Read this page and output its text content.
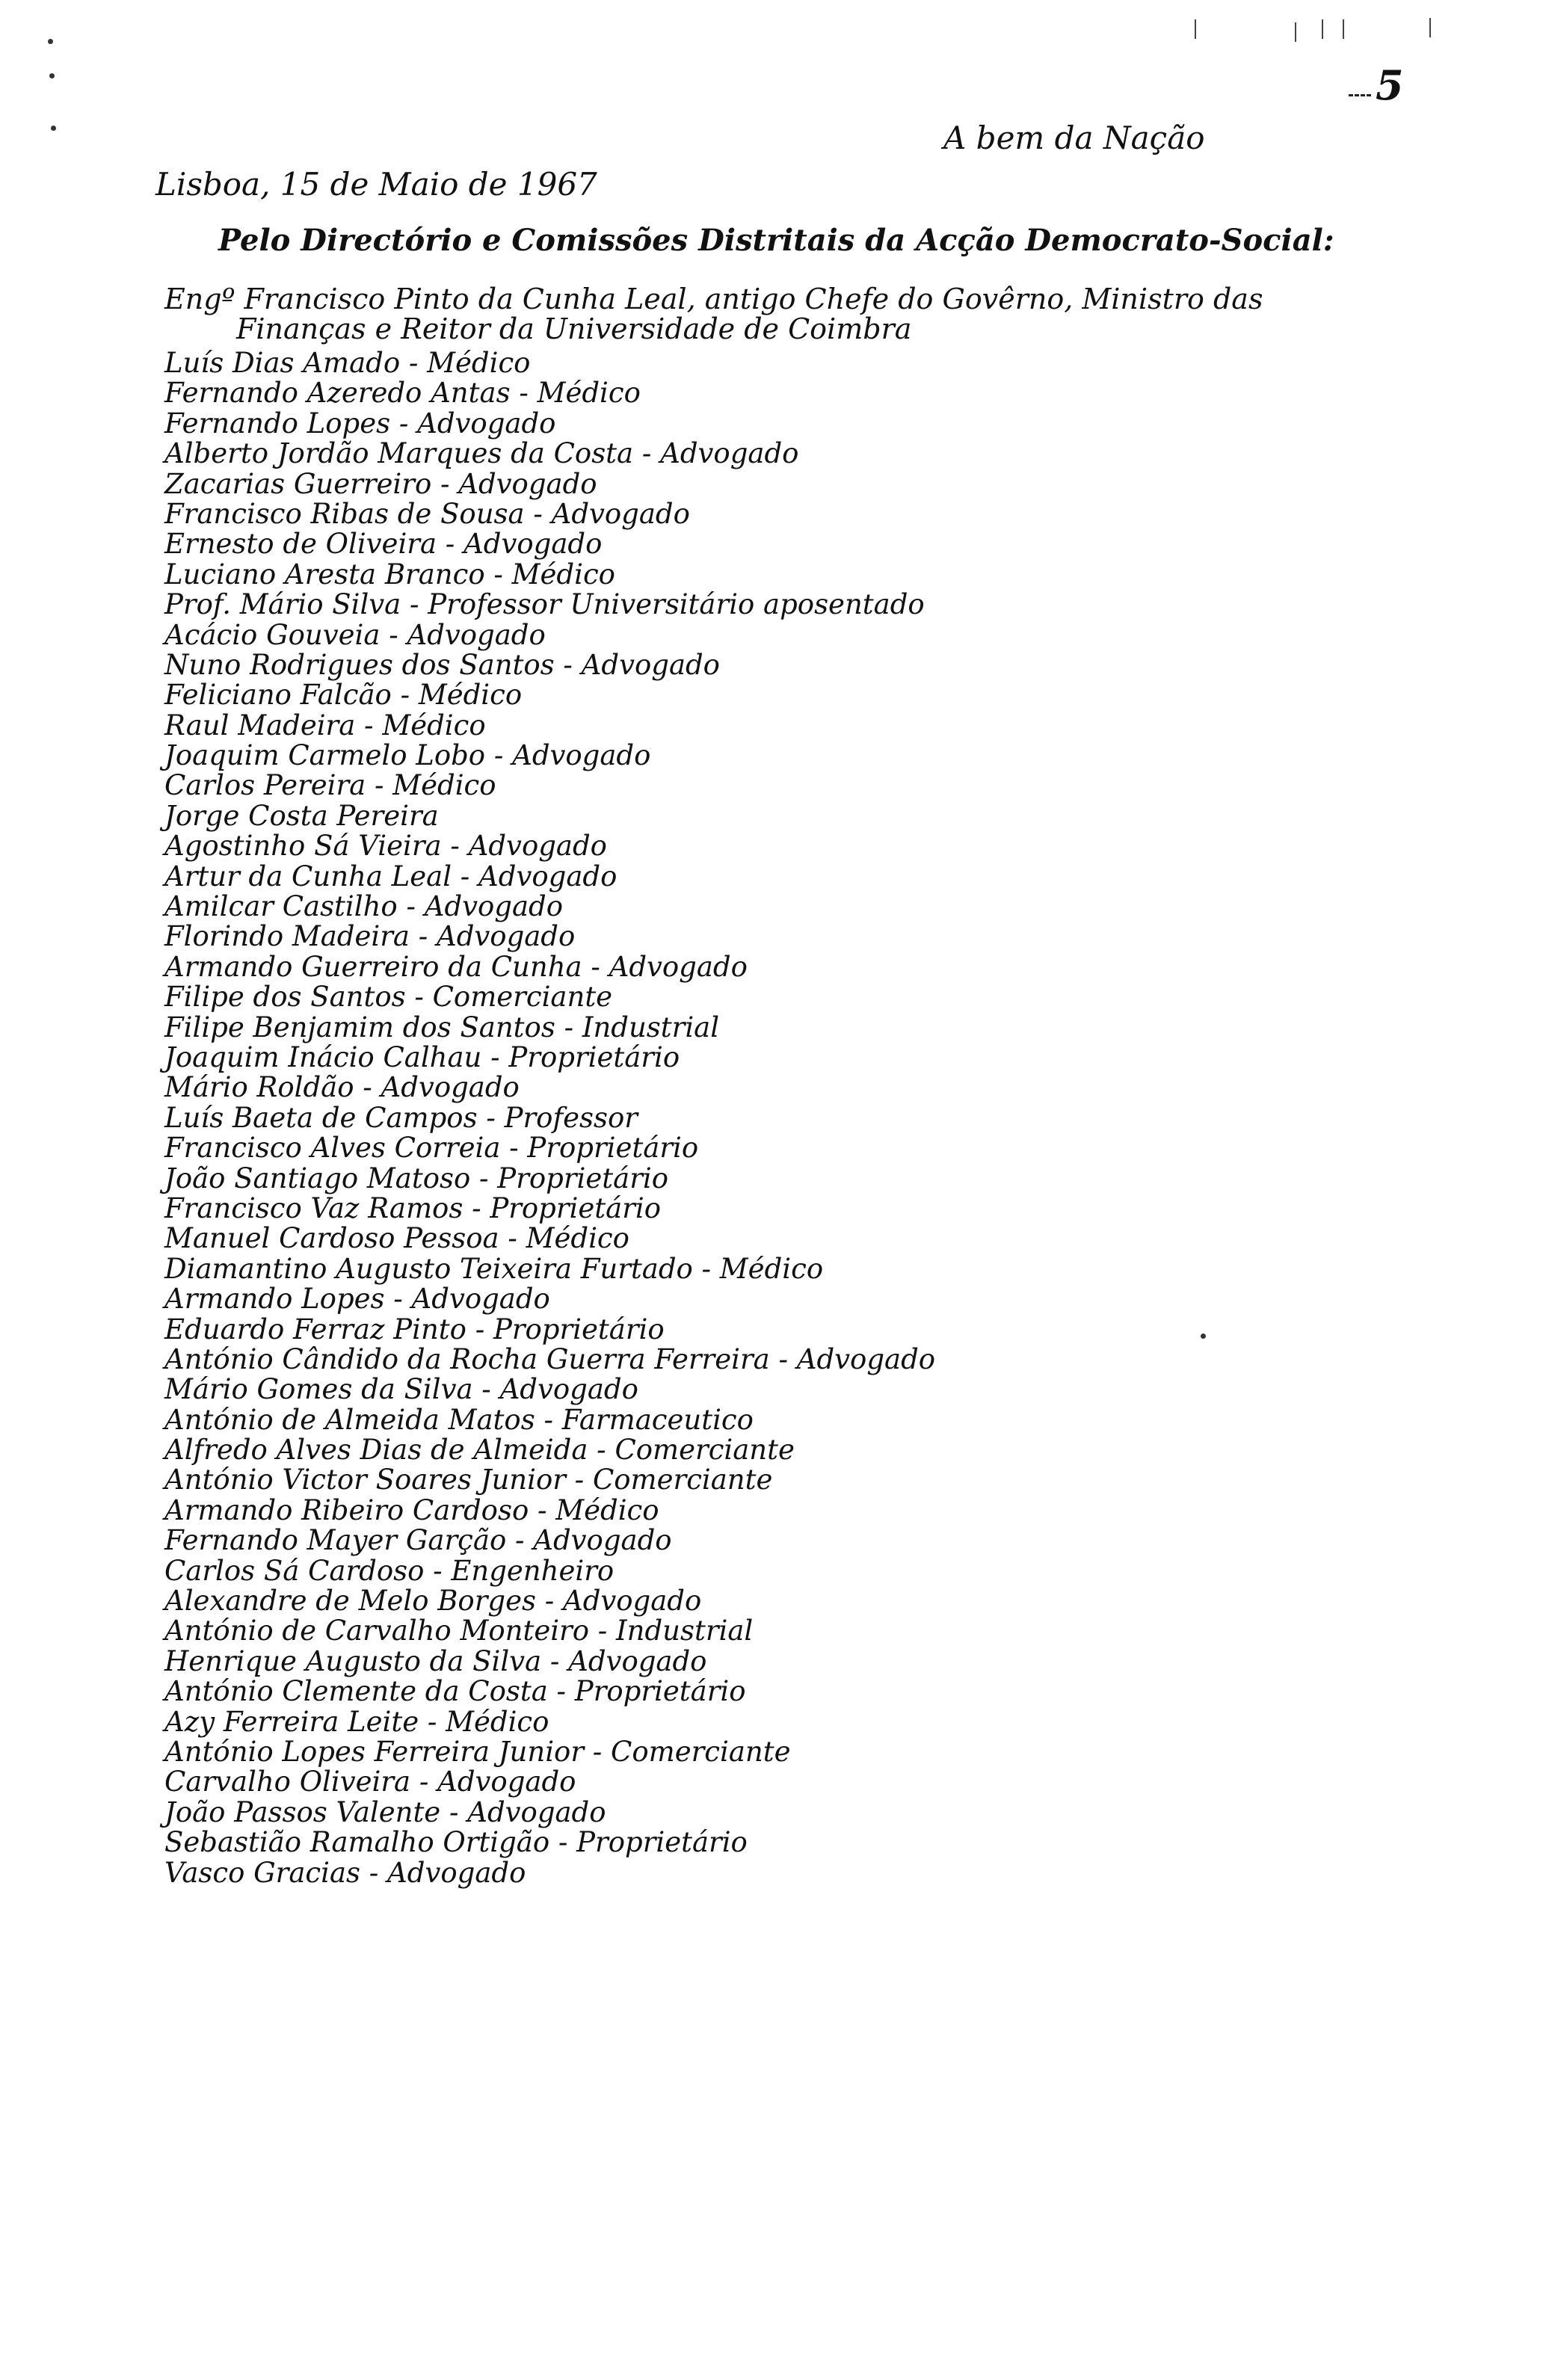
5
A bem da Nação
Lisboa, 15 de Maio de 1967
Pelo Directório e Comissões Distritais da Acção Democrato-Social:
Engº Francisco Pinto da Cunha Leal, antigo Chefe do Govêrno, Ministro das
Finanças e Reitor da Universidade de Coimbra
Luís Dias Amado - Médico
Fernando Azeredo Antas - Médico
Fernando Lopes - Advogado
Alberto Jordão Marques da Costa - Advogado
Zacarias Guerreiro - Advogado
Francisco Ribas de Sousa - Advogado
Ernesto de Oliveira - Advogado
Luciano Aresta Branco - Médico
Prof. Mário Silva - Professor Universitário aposentado
Acácio Gouveia - Advogado
Nuno Rodrigues dos Santos - Advogado
Feliciano Falcão - Médico
Raul Madeira - Médico
Joaquim Carmelo Lobo - Advogado
Carlos Pereira - Médico
Jorge Costa Pereira
Agostinho Sá Vieira - Advogado
Artur da Cunha Leal - Advogado
Amilcar Castilho - Advogado
Florindo Madeira - Advogado
Armando Guerreiro da Cunha - Advogado
Filipe dos Santos - Comerciante
Filipe Benjamim dos Santos - Industrial
Joaquim Inácio Calhau - Proprietário
Mário Roldão - Advogado
Luís Baeta de Campos - Professor
Francisco Alves Correia - Proprietário
João Santiago Matoso - Proprietário
Francisco Vaz Ramos - Proprietário
Manuel Cardoso Pessoa - Médico
Diamantino Augusto Teixeira Furtado - Médico
Armando Lopes - Advogado
Eduardo Ferraz Pinto - Proprietário
António Cândido da Rocha Guerra Ferreira - Advogado
Mário Gomes da Silva - Advogado
António de Almeida Matos - Farmaceutico
Alfredo Alves Dias de Almeida - Comerciante
António Victor Soares Junior - Comerciante
Armando Ribeiro Cardoso - Médico
Fernando Mayer Garção - Advogado
Carlos Sá Cardoso - Engenheiro
Alexandre de Melo Borges - Advogado
António de Carvalho Monteiro - Industrial
Henrique Augusto da Silva - Advogado
António Clemente da Costa - Proprietário
Azy Ferreira Leite - Médico
António Lopes Ferreira Junior - Comerciante
Carvalho Oliveira - Advogado
João Passos Valente - Advogado
Sebastião Ramalho Ortigão - Proprietário
Vasco Gracias - Advogado
